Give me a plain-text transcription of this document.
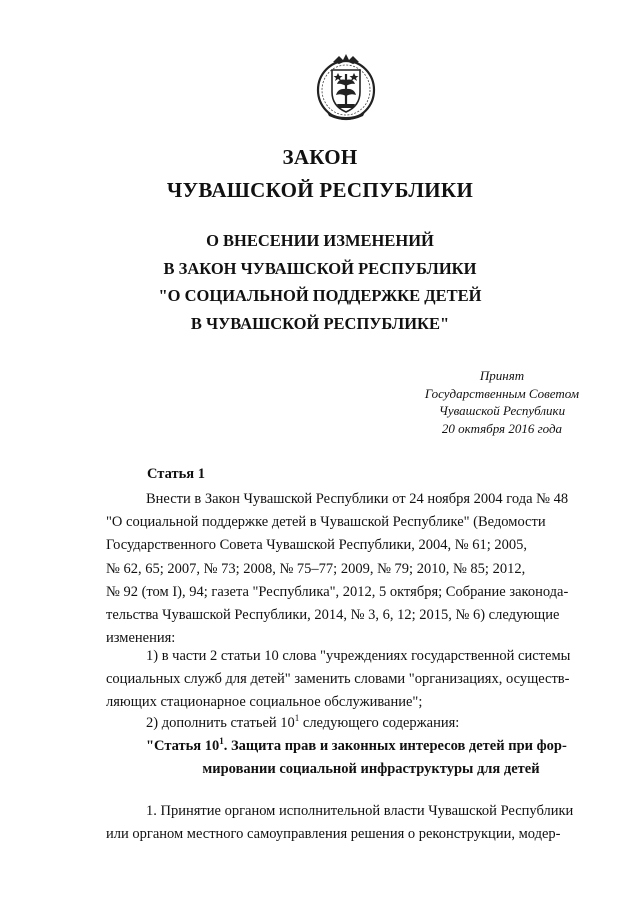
ЗАКОН
ЧУВАШСКОЙ РЕСПУБЛИКИ
О ВНЕСЕНИИ ИЗМЕНЕНИЙ
В ЗАКОН ЧУВАШСКОЙ РЕСПУБЛИКИ
"О СОЦИАЛЬНОЙ ПОДДЕРЖКЕ ДЕТЕЙ
В ЧУВАШСКОЙ РЕСПУБЛИКЕ"
Принят
Государственным Советом
Чувашской Республики
20 октября 2016 года
Статья 1

Внести в Закон Чувашской Республики от 24 ноября 2004 года № 48

"О социальной поддержке детей в Чувашской Республике" (Ведомости

Государственного Совета Чувашской Республики, 2004, № 61; 2005,

№ 62, 65; 2007, № 73; 2008, № 75–77; 2009, № 79; 2010, № 85; 2012,

№ 92 (том I), 94; газета "Республика", 2012, 5 октября; Собрание законода-

тельства Чувашской Республики, 2014, № 3, 6, 12; 2015, № 6) следующие

изменения:

1) в части 2 статьи 10 слова "учреждениях государственной системы

социальных служб для детей" заменить словами "организациях, осуществ-

ляющих стационарное социальное обслуживание";

2) дополнить статьей $10^1$ следующего содержания:

"Статья $10^1$. Защита прав и законных интересов детей при фор-
мировании социальной инфраструктуры для детей

1. Принятие органом исполнительной власти Чувашской Республики

или органом местного самоуправления решения о реконструкции, модер-
